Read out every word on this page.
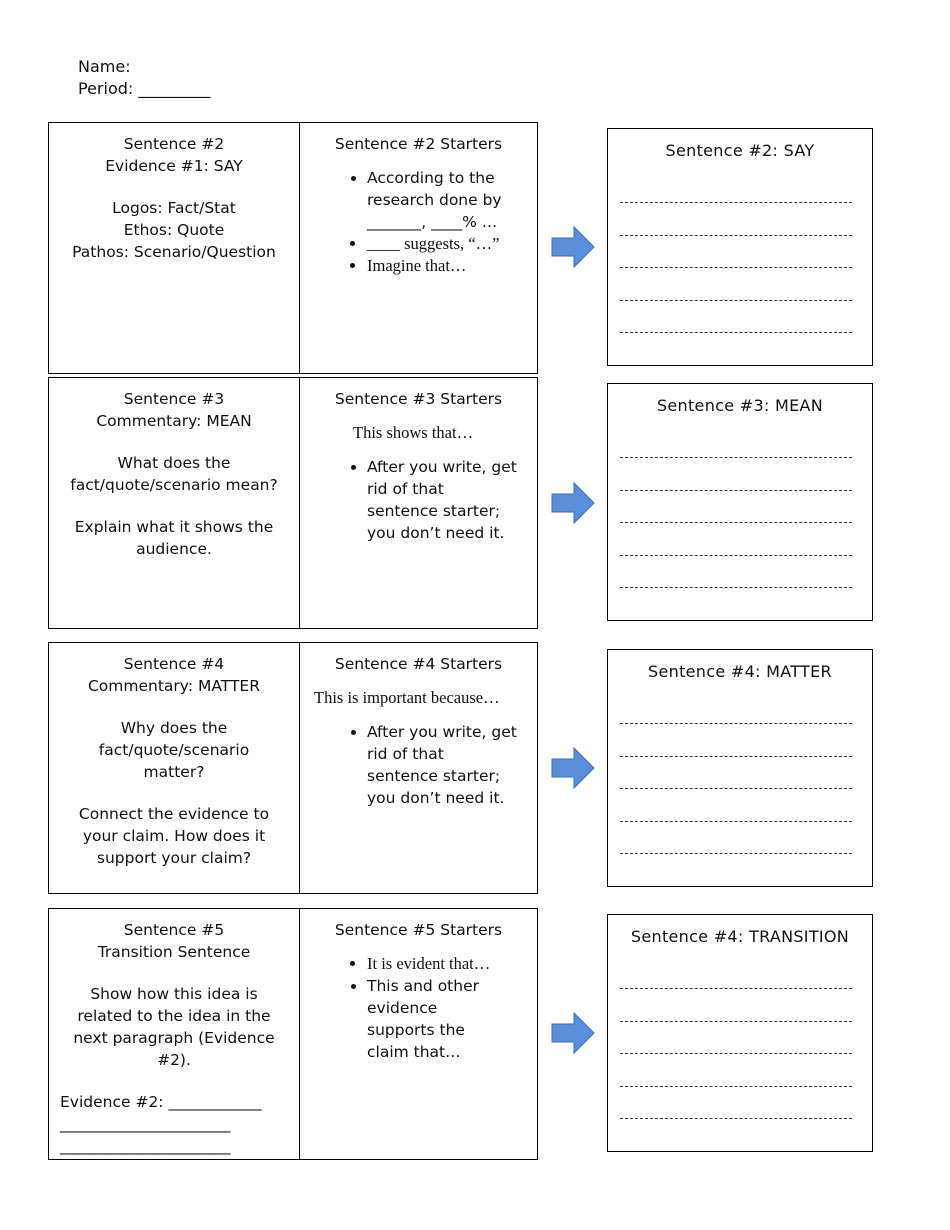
Name:
Period: _________
Sentence #2
Evidence #1: SAY
Logos: Fact/Stat
Ethos: Quote
Pathos: Scenario/Question
Sentence #2 Starters
• According to the research done by _______, ____% …
• ____ suggests, “…”
• Imagine that…
Sentence #3
Commentary: MEAN
What does the fact/quote/scenario mean?
Explain what it shows the audience.
Sentence #3 Starters
This shows that…
• After you write, get rid of that sentence starter; you don’t need it.
Sentence #4
Commentary: MATTER
Why does the fact/quote/scenario matter?
Connect the evidence to your claim. How does it support your claim?
Sentence #4 Starters
This is important because…
• After you write, get rid of that sentence starter; you don’t need it.
Sentence #5
Transition Sentence
Show how this idea is related to the idea in the next paragraph (Evidence #2).
Evidence #2: ____________ ______________________ ______________________
Sentence #5 Starters
• It is evident that…
• This and other evidence supports the claim that…
Sentence #2: SAY
Sentence #3: MEAN
Sentence #4: MATTER
Sentence #4: TRANSITION
